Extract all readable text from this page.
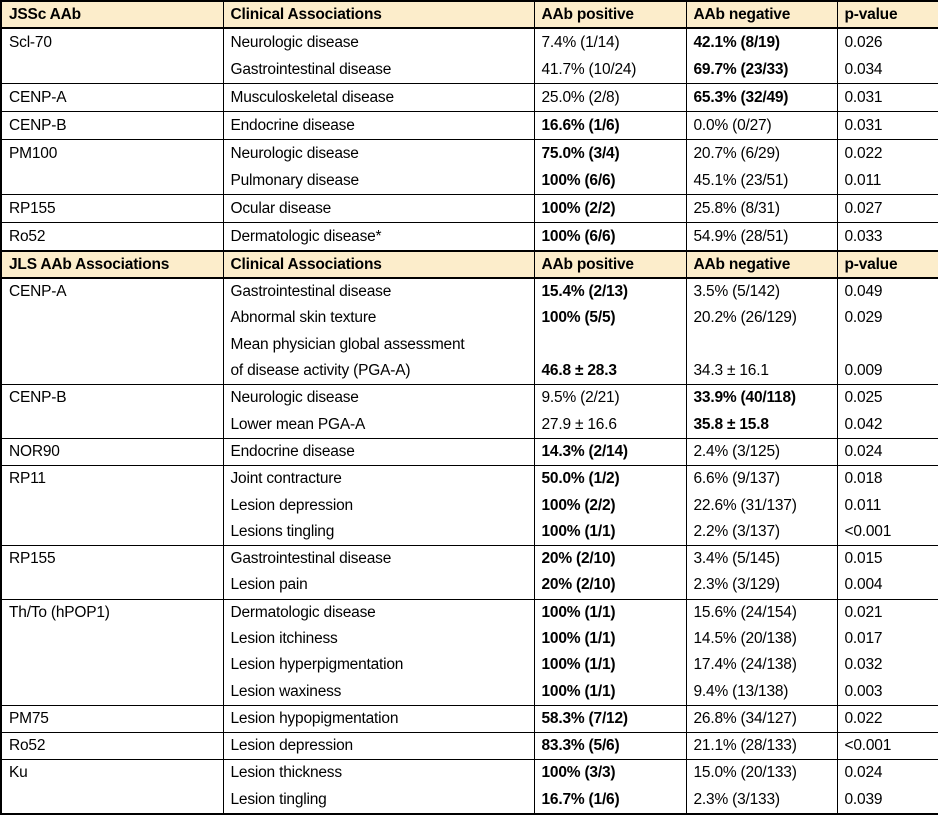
JSSc AAb	Clinical Associations	AAb positive	AAb negative	p-value
Scl-70	Neurologic disease	7.4% (1/14)	42.1% (8/19)	0.026
	Gastrointestinal disease	41.7% (10/24)	69.7% (23/33)	0.034
CENP-A	Musculoskeletal disease	25.0% (2/8)	65.3% (32/49)	0.031
CENP-B	Endocrine disease	16.6% (1/6)	0.0% (0/27)	0.031
PM100	Neurologic disease	75.0% (3/4)	20.7% (6/29)	0.022
	Pulmonary disease	100% (6/6)	45.1% (23/51)	0.011
RP155	Ocular disease	100% (2/2)	25.8% (8/31)	0.027
Ro52	Dermatologic disease*	100% (6/6)	54.9% (28/51)	0.033
JLS AAb Associations	Clinical Associations	AAb positive	AAb negative	p-value
CENP-A	Gastrointestinal disease	15.4% (2/13)	3.5% (5/142)	0.049
	Abnormal skin texture	100% (5/5)	20.2% (26/129)	0.029
	Mean physician global assessment			
	of disease activity (PGA-A)	46.8 ± 28.3	34.3 ± 16.1	0.009
CENP-B	Neurologic disease	9.5% (2/21)	33.9% (40/118)	0.025
	Lower mean PGA-A	27.9 ± 16.6	35.8 ± 15.8	0.042
NOR90	Endocrine disease	14.3% (2/14)	2.4% (3/125)	0.024
RP11	Joint contracture	50.0% (1/2)	6.6% (9/137)	0.018
	Lesion depression	100% (2/2)	22.6% (31/137)	0.011
	Lesions tingling	100% (1/1)	2.2% (3/137)	<0.001
RP155	Gastrointestinal disease	20% (2/10)	3.4% (5/145)	0.015
	Lesion pain	20% (2/10)	2.3% (3/129)	0.004
Th/To (hPOP1)	Dermatologic disease	100% (1/1)	15.6% (24/154)	0.021
	Lesion itchiness	100% (1/1)	14.5% (20/138)	0.017
	Lesion hyperpigmentation	100% (1/1)	17.4% (24/138)	0.032
	Lesion waxiness	100% (1/1)	9.4% (13/138)	0.003
PM75	Lesion hypopigmentation	58.3% (7/12)	26.8% (34/127)	0.022
Ro52	Lesion depression	83.3% (5/6)	21.1% (28/133)	<0.001
Ku	Lesion thickness	100% (3/3)	15.0% (20/133)	0.024
	Lesion tingling	16.7% (1/6)	2.3% (3/133)	0.039
